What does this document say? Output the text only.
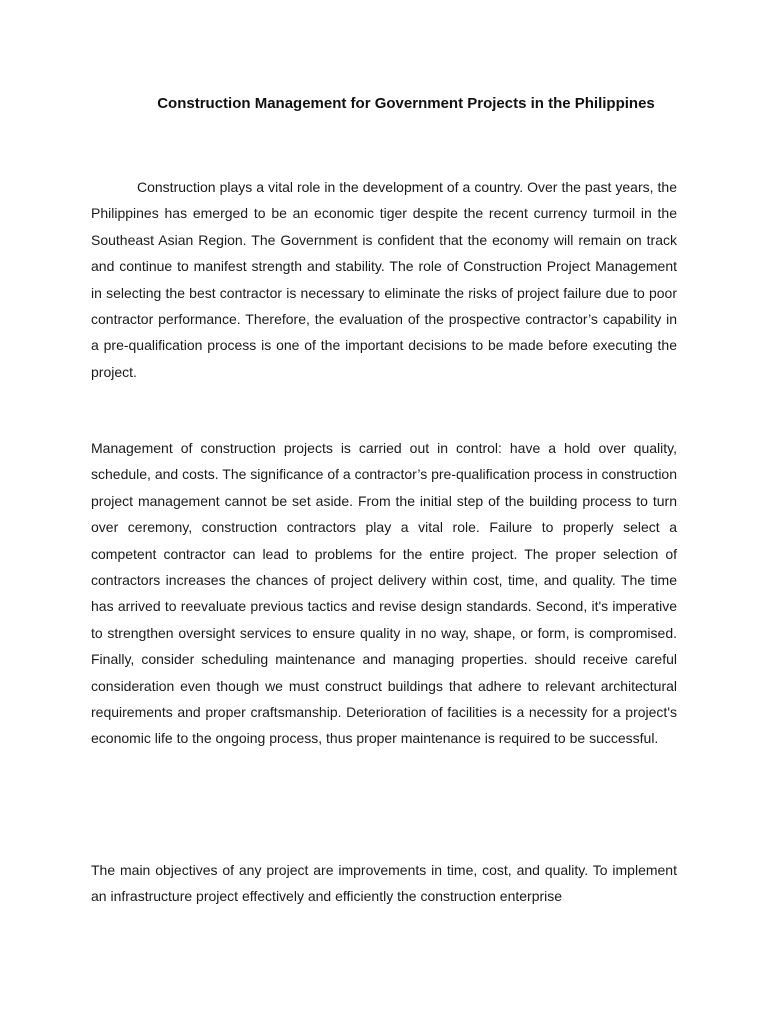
Construction Management for Government Projects in the Philippines

Construction plays a vital role in the development of a country. Over the past years, the Philippines has emerged to be an economic tiger despite the recent currency turmoil in the Southeast Asian Region. The Government is confident that the economy will remain on track and continue to manifest strength and stability. The role of Construction Project Management in selecting the best contractor is necessary to eliminate the risks of project failure due to poor contractor performance. Therefore, the evaluation of the prospective contractor’s capability in a pre-qualification process is one of the important decisions to be made before executing the project.

Management of construction projects is carried out in control: have a hold over quality, schedule, and costs. The significance of a contractor’s pre-qualification process in construction project management cannot be set aside. From the initial step of the building process to turn over ceremony, construction contractors play a vital role. Failure to properly select a competent contractor can lead to problems for the entire project. The proper selection of contractors increases the chances of project delivery within cost, time, and quality. The time has arrived to reevaluate previous tactics and revise design standards. Second, it's imperative to strengthen oversight services to ensure quality in no way, shape, or form, is compromised. Finally, consider scheduling maintenance and managing properties. should receive careful consideration even though we must construct buildings that adhere to relevant architectural requirements and proper craftsmanship. Deterioration of facilities is a necessity for a project's economic life to the ongoing process, thus proper maintenance is required to be successful.

The main objectives of any project are improvements in time, cost, and quality. To implement an infrastructure project effectively and efficiently the construction enterprise
